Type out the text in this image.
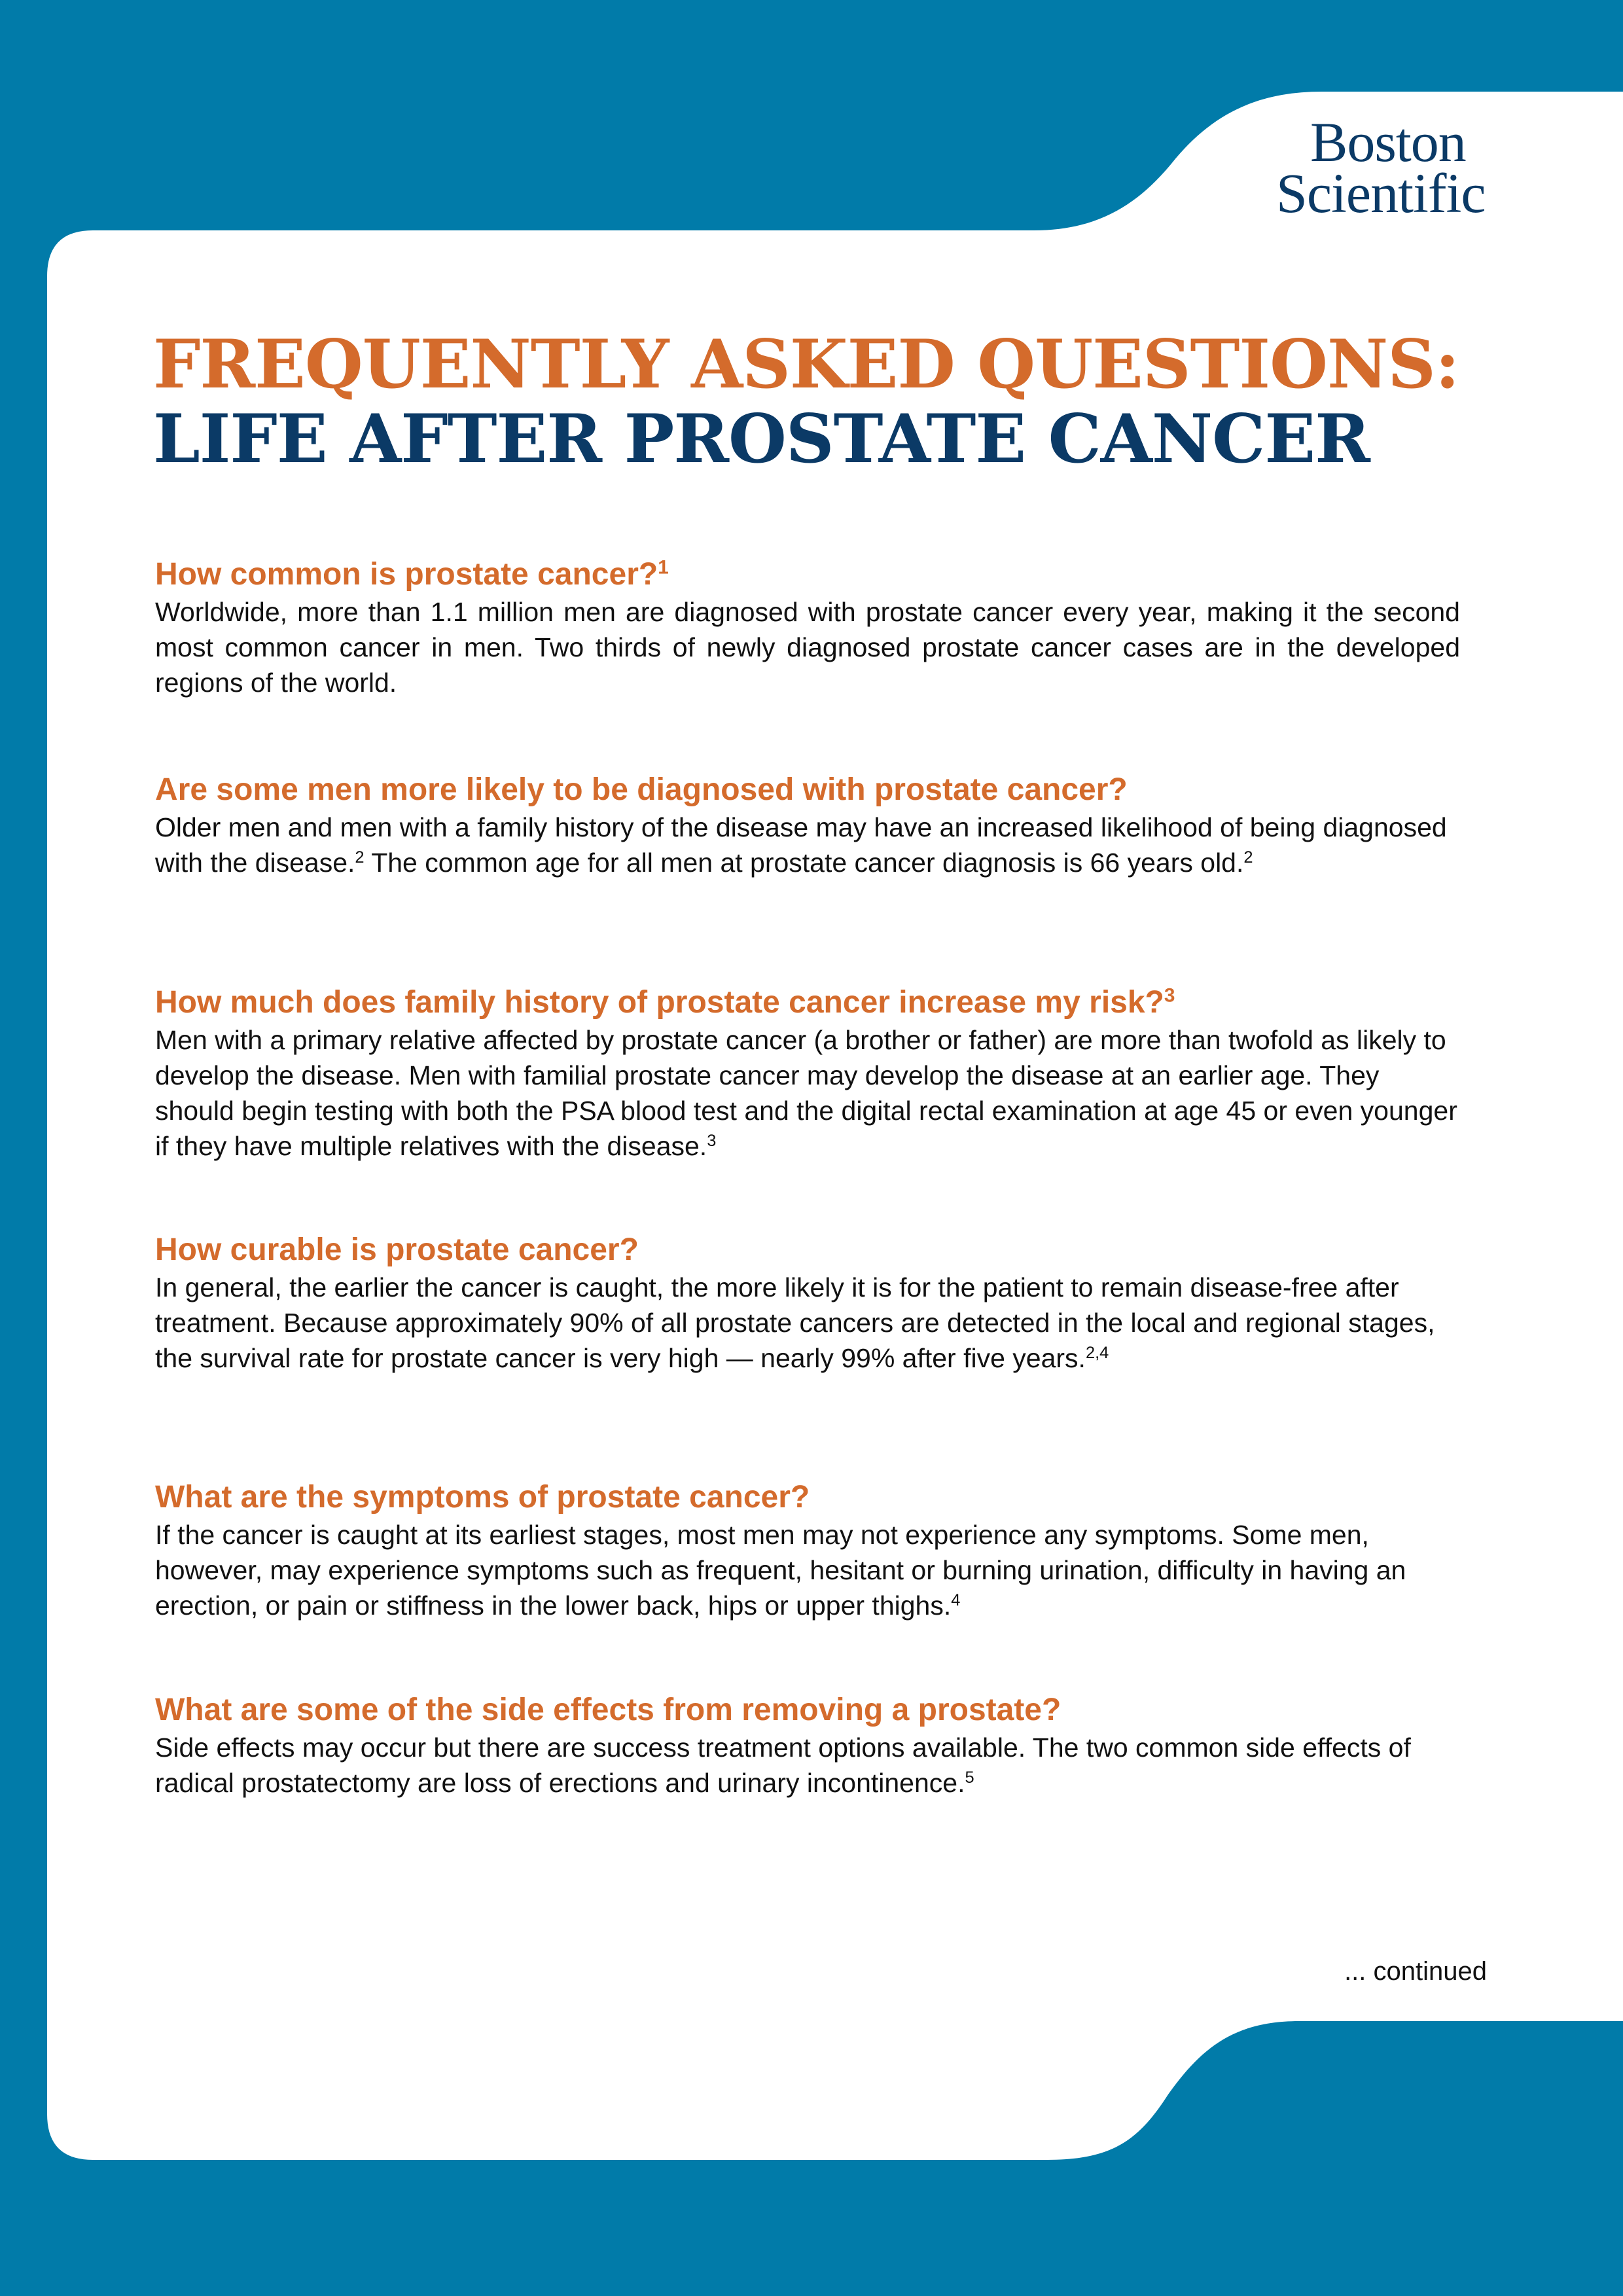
Boston
Scientific
FREQUENTLY ASKED QUESTIONS:
LIFE AFTER PROSTATE CANCER

How common is prostate cancer?$^1$

Worldwide, more than 1.1 million men are diagnosed with prostate cancer every year, making it the second most common cancer in men. Two thirds of newly diagnosed prostate cancer cases are in the developed regions of the world.

Are some men more likely to be diagnosed with prostate cancer?

Older men and men with a family history of the disease may have an increased likelihood of being diagnosed with the disease.$^2$ The common age for all men at prostate cancer diagnosis is 66 years old.$^2$

How much does family history of prostate cancer increase my risk?$^3$

Men with a primary relative affected by prostate cancer (a brother or father) are more than twofold as likely to develop the disease. Men with familial prostate cancer may develop the disease at an earlier age. They should begin testing with both the PSA blood test and the digital rectal examination at age 45 or even younger if they have multiple relatives with the disease.$^3$

How curable is prostate cancer?

In general, the earlier the cancer is caught, the more likely it is for the patient to remain disease-free after treatment. Because approximately 90% of all prostate cancers are detected in the local and regional stages, the survival rate for prostate cancer is very high — nearly 99% after five years.$^{2,4}$

What are the symptoms of prostate cancer?

If the cancer is caught at its earliest stages, most men may not experience any symptoms. Some men, however, may experience symptoms such as frequent, hesitant or burning urination, difficulty in having an erection, or pain or stiffness in the lower back, hips or upper thighs.$^4$

What are some of the side effects from removing a prostate?

Side effects may occur but there are success treatment options available. The two common side effects of radical prostatectomy are loss of erections and urinary incontinence.$^5$

... continued
